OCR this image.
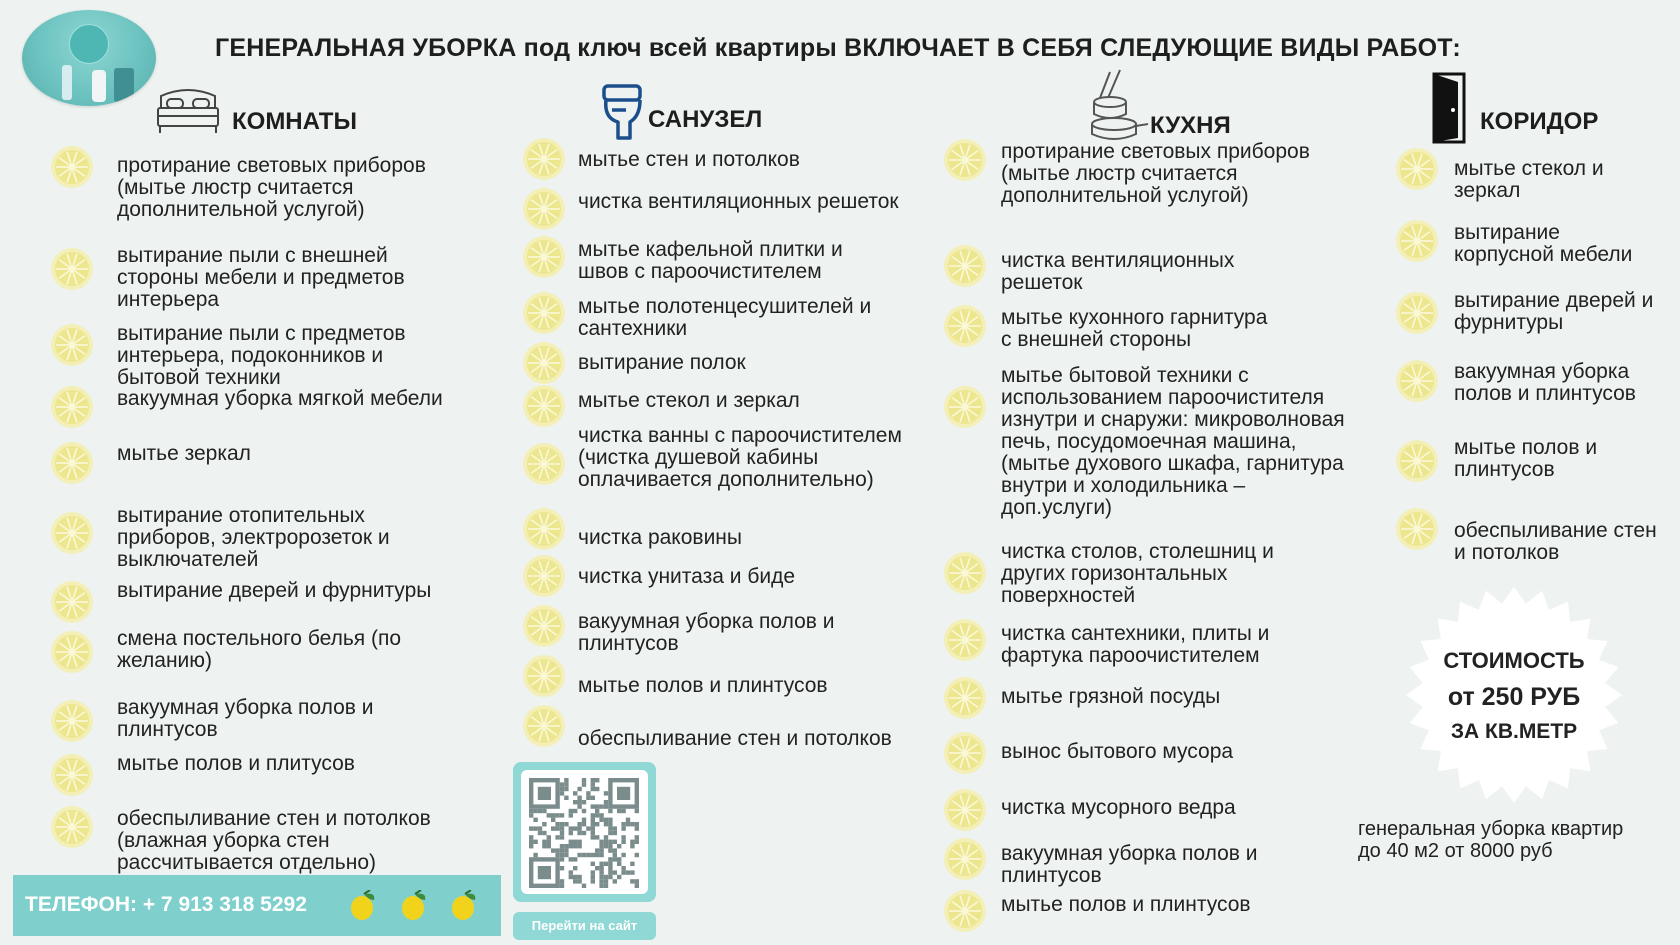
ГЕНЕРАЛЬНАЯ УБОРКА под ключ всей квартиры ВКЛЮЧАЕТ В СЕБЯ СЛЕДУЮЩИЕ ВИДЫ РАБОТ:
КОМНАТЫ	САНУЗЕЛ	КУХНЯ	КОРИДОР
протирание световых приборов
(мытье люстр считается
дополнительной услугой)
вытирание пыли с внешней
стороны мебели и предметов
интерьера
вытирание пыли с предметов
интерьера, подоконников и
бытовой техники
вакуумная уборка мягкой мебели
мытье зеркал
вытирание отопительных
приборов, электророзеток и
выключателей
вытирание дверей и фурнитуры
смена постельного белья (по
желанию)
вакуумная уборка полов и
плинтусов
мытье полов и плитусов
обеспыливание стен и потолков
(влажная уборка стен
рассчитывается отдельно)
мытье стен и потолков
чистка вентиляционных решеток
мытье кафельной плитки и
швов с пароочистителем
мытье полотенцесушителей и
сантехники
вытирание полок
мытье стекол и зеркал
чистка ванны с пароочистителем
(чистка душевой кабины
оплачивается дополнительно)
чистка раковины
чистка унитаза и биде
вакуумная уборка полов и
плинтусов
мытье полов и плинтусов
обеспыливание стен и потолков
протирание световых приборов
(мытье люстр считается
дополнительной услугой)
чистка вентиляционных
решеток
мытье кухонного гарнитура
с внешней стороны
мытье бытовой техники с
использованием пароочистителя
изнутри и снаружи: микроволновая
печь, посудомоечная машина,
(мытье духового шкафа, гарнитура
внутри и холодильника –
доп.услуги)
чистка столов, столешниц и
других горизонтальных
поверхностей
чистка сантехники, плиты и
фартука пароочистителем
мытье грязной посуды
вынос бытового мусора
чистка мусорного ведра
вакуумная уборка полов и
плинтусов
мытье полов и плинтусов
мытье стекол и
зеркал
вытирание
корпусной мебели
вытирание дверей и
фурнитуры
вакуумная уборка
полов и плинтусов
мытье полов и
плинтусов
обеспыливание стен
и потолков
ТЕЛЕФОН: + 7 913 318 5292
Перейти на сайт
СТОИМОСТЬ
от 250 РУБ
ЗА КВ.МЕТР
генеральная уборка квартир
до 40 м2 от 8000 руб
